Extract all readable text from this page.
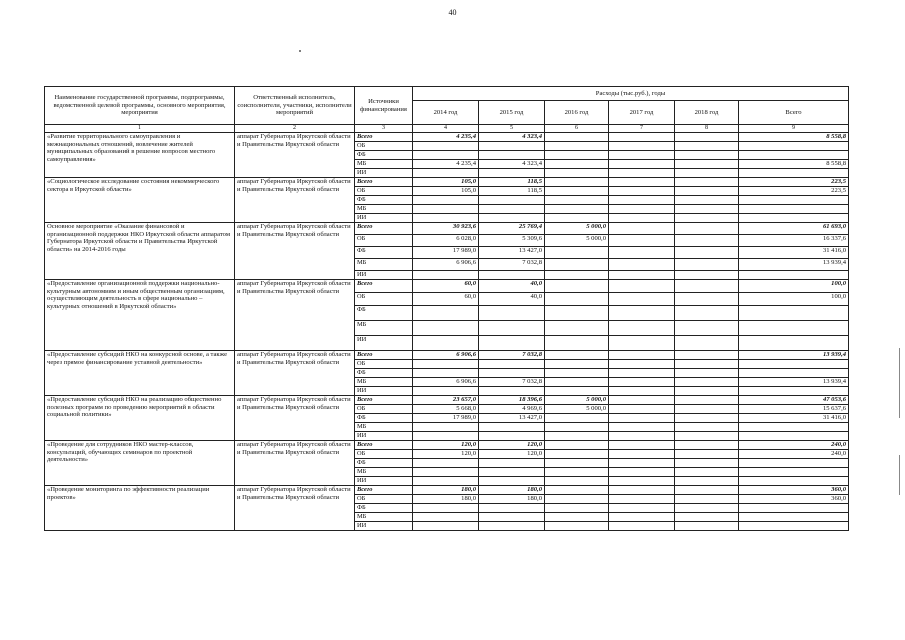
40
Наименование государственной программы, подпрограммы, ведомственной целевой программы, основного мероприятия, мероприятия	Ответственный исполнитель, соисполнители, участники, исполнители мероприятий	Источники финансирования	Расходы (тыс.руб.), годы					
			2014 год	2015 год	2016 год	2017 год	2018 год	Всего
1	2	3	4	5	6	7	8	9
«Развитие территориального самоуправления и межнациональных отношений, вовлечение жителей муниципальных образований в решение вопросов местного самоуправления»	аппарат Губернатора Иркутской области и Правительства Иркутской области	Всего	4 235,4	4 323,4				8 558,8
		ОБ						
		ФБ						
		МБ	4 235,4	4 323,4				8 558,8
		ИИ						
«Социологическое исследование состояния некоммерческого сектора в Иркутской области»	аппарат Губернатора Иркутской области и Правительства Иркутской области	Всего	105,0	118,5				223,5
		ОБ	105,0	118,5				223,5
		ФБ						
		МБ						
		ИИ						
Основное мероприятие «Оказание финансовой и организационной поддержки НКО Иркутской области аппаратом Губернатора Иркутской области и Правительства Иркутской области» на 2014-2016 годы	аппарат Губернатора Иркутской области и Правительства Иркутской области	Всего	30 923,6	25 769,4	5 000,0			61 693,0
		ОБ	6 028,0	5 309,6	5 000,0			16 337,6
		ФБ	17 989,0	13 427,0				31 416,0
		МБ	6 906,6	7 032,8				13 939,4
		ИИ						
«Предоставление организационной поддержки национально-культурным автономиям и иным общественным организациям, осуществляющим деятельность в сфере национально – культурных отношений в Иркутской области»	аппарат Губернатора Иркутской области и Правительства Иркутской области	Всего	60,0	40,0				100,0
		ОБ	60,0	40,0				100,0
		ФБ						
		МБ						
		ИИ						
«Предоставление субсидий НКО на конкурсной основе, а также через прямое финансирование уставной деятельности»	аппарат Губернатора Иркутской области и Правительства Иркутской области	Всего	6 906,6	7 032,8				13 939,4
		ОБ						
		ФБ						
		МБ	6 906,6	7 032,8				13 939,4
		ИИ						
«Предоставление субсидий НКО на реализацию общественно полезных программ по проведению мероприятий в области социальной политики»	аппарат Губернатора Иркутской области и Правительства Иркутской области	Всего	23 657,0	18 396,6	5 000,0			47 053,6
		ОБ	5 668,0	4 969,6	5 000,0			15 637,6
		ФБ	17 989,0	13 427,0				31 416,0
		МБ						
		ИИ						
«Проведение для сотрудников НКО мастер-классов, консультаций, обучающих семинаров по проектной деятельности»	аппарат Губернатора Иркутской области и Правительства Иркутской области	Всего	120,0	120,0				240,0
		ОБ	120,0	120,0				240,0
		ФБ						
		МБ						
		ИИ						
«Проведение мониторинга по эффективности реализации проектов»	аппарат Губернатора Иркутской области и Правительства Иркутской области	Всего	180,0	180,0				360,0
		ОБ	180,0	180,0				360,0
		ФБ						
		МБ						
		ИИ						
